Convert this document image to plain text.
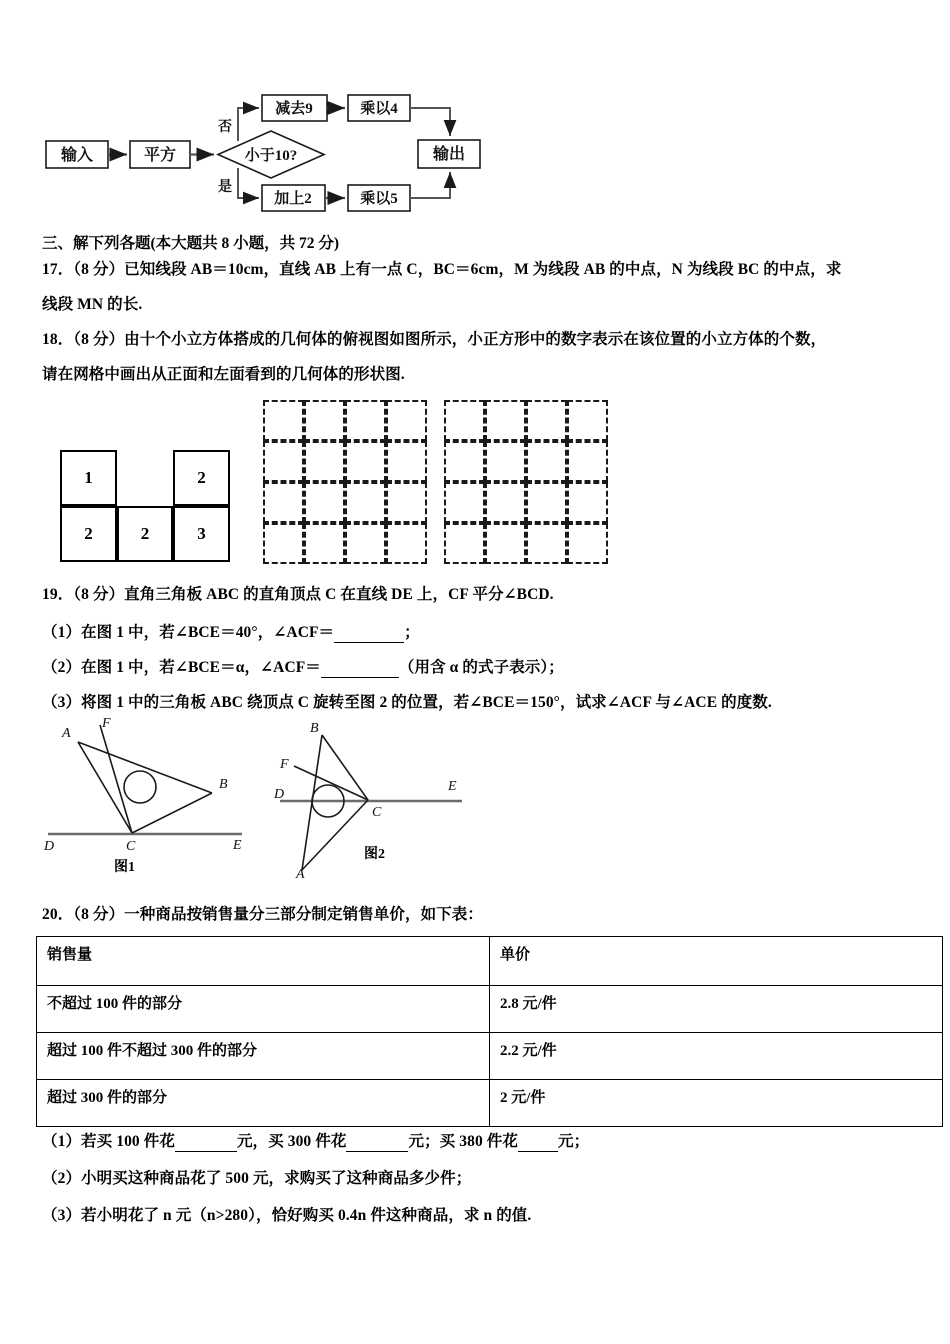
输入	平方	小于10?
否
减去9	乘以4
是
加上2	乘以5
输出
三、解下列各题(本大题共 8 小题，共 72 分)
17．（8 分）已知线段 AB＝10cm，直线 AB 上有一点 C，BC＝6cm，M 为线段 AB 的中点，N 为线段 BC 的中点，求
线段 MN 的长.
18．（8 分）由十个小立方体搭成的几何体的俯视图如图所示，小正方形中的数字表示在该位置的小立方体的个数，
请在网格中画出从正面和左面看到的几何体的形状图.
1	2
2	2	3
19．（8 分）直角三角板 ABC 的直角顶点 C 在直线 DE 上，CF 平分∠BCD.
（1）在图 1 中，若∠BCE＝40°，∠ACF＝	；
（2）在图 1 中，若∠BCE＝α，∠ACF＝	（用含 α 的式子表示）；
（3）将图 1 中的三角板 ABC 绕顶点 C 旋转至图 2 的位置，若∠BCE＝150°，试求∠ACF 与∠ACE 的度数.
A
F
B
D	C	E
图1
B
F
D
C
E
A
图2
20．（8 分）一种商品按销售量分三部分制定销售单价，如下表：
销售量	单价
不超过 100 件的部分	2.8 元/件
超过 100 件不超过 300 件的部分	2.2 元/件
超过 300 件的部分	2 元/件
（1）若买 100 件花	元，买 300 件花	元；买 380 件花	元；
（2）小明买这种商品花了 500 元，求购买了这种商品多少件；
（3）若小明花了 n 元（n>280），恰好购买 0.4n 件这种商品，求 n 的值.
